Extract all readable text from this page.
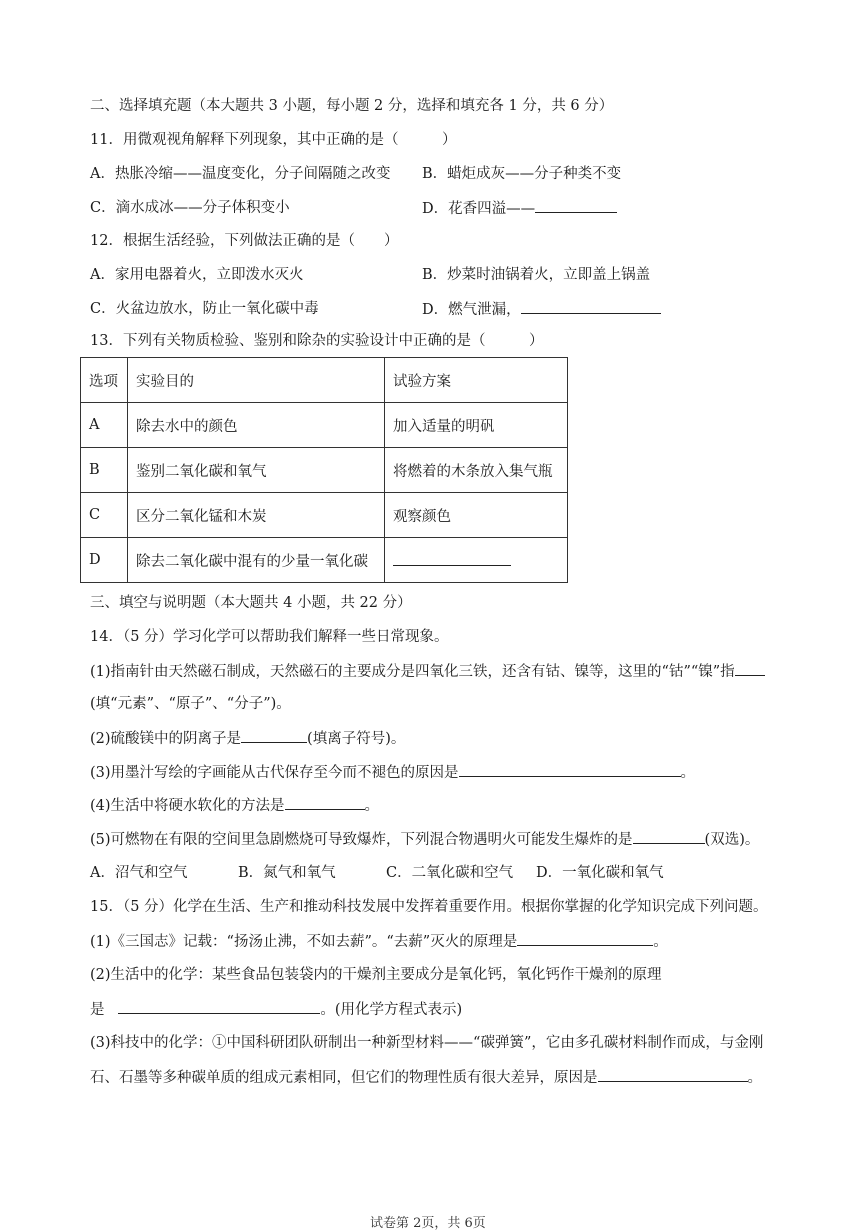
二、选择填充题（本大题共 3 小题，每小题 2 分，选择和填充各 1 分，共 6 分）
11．用微观视角解释下列现象，其中正确的是（　　　）
A．热胀冷缩——温度变化，分子间隔随之改变 B．蜡炬成灰——分子种类不变
C．滴水成冰——分子体积变小	D．花香四溢——
12．根据生活经验，下列做法正确的是（　　）
A．家用电器着火，立即泼水灭火	B．炒菜时油锅着火，立即盖上锅盖
C．火盆边放水，防止一氧化碳中毒	D．燃气泄漏，
13．下列有关物质检验、鉴别和除杂的实验设计中正确的是（　　　）
选项	实验目的	试验方案
A	除去水中的颜色	加入适量的明矾
B	鉴别二氧化碳和氧气	将燃着的木条放入集气瓶
C	区分二氧化锰和木炭	观察颜色
D	除去二氧化碳中混有的少量一氧化碳	
三、填空与说明题（本大题共 4 小题，共 22 分）
14．（5 分）学习化学可以帮助我们解释一些日常现象。
(1)指南针由天然磁石制成，天然磁石的主要成分是四氧化三铁，还含有钴、镍等，这里的“钴”“镍”指
(填“元素”、“原子”、“分子”)。
(2)硫酸镁中的阴离子是	(填离子符号)。
(3)用墨汁写绘的字画能从古代保存至今而不褪色的原因是	。
(4)生活中将硬水软化的方法是	。
(5)可燃物在有限的空间里急剧燃烧可导致爆炸，下列混合物遇明火可能发生爆炸的是	(双选)。
A．沼气和空气	B．氮气和氧气	C．二氧化碳和空气 D．一氧化碳和氧气
15．（5 分）化学在生活、生产和推动科技发展中发挥着重要作用。根据你掌握的化学知识完成下列问题。
(1)《三国志》记载：“扬汤止沸，不如去薪”。“去薪”灭火的原理是	。
(2)生活中的化学：某些食品包装袋内的干燥剂主要成分是氧化钙，氧化钙作干燥剂的原理
是	。(用化学方程式表示)
(3)科技中的化学：①中国科研团队研制出一种新型材料——“碳弹簧”，它由多孔碳材料制作而成，与金刚
石、石墨等多种碳单质的组成元素相同，但它们的物理性质有很大差异，原因是	。
试卷第 2页，共 6页
